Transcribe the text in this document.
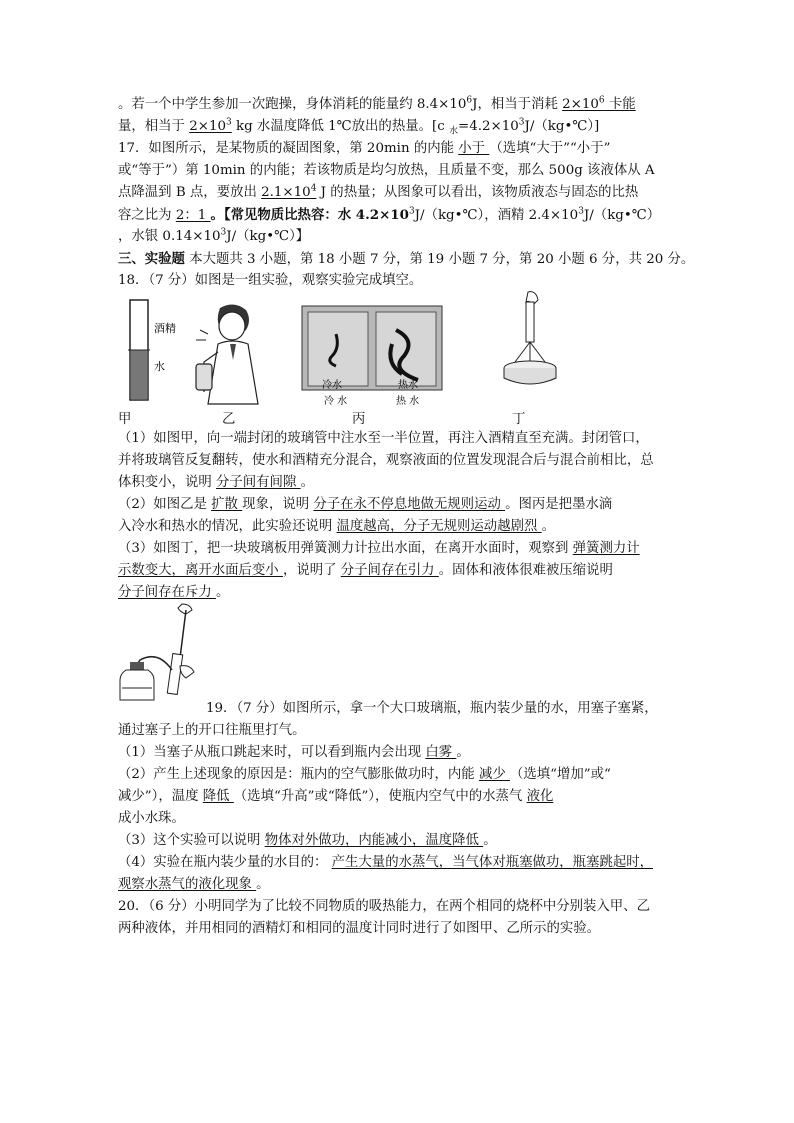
。若一个中学生参加一次跑操，身体消耗的能量约 $8.4\times 10^6J$，相当于消耗 $2\times 10^6$ 卡能
量，相当于 $2\times 10^3$ kg 水温度降低 1℃放出的热量。[c $_水=4.2\times 10^3J/(kg•℃)$]
17．如图所示，是某物质的凝固图象，第 20min 的内能 小于 （选填“大于”“小于”
或“等于”）第 10min 的内能；若该物质是均匀放热，且质量不变，那么 500g 该液体从 A
点降温到 B 点，要放出 $2.1\times 10^4$ J 的热量；从图象可以看出，该物质液态与固态的比热
容之比为 2：1 。【常见物质比热容：水 $4.2\times 10^3J/(kg•℃)$，酒精 $2.4\times 10^3J/(kg•℃)$
，水银 $0.14\times 10^3J/(kg•℃)$】
三、实验题 本大题共 3 小题，第 18 小题 7 分，第 19 小题 7 分，第 20 小题 6 分，共 20 分。
18．（7 分）如图是一组实验，观察实验完成填空。
酒精
水
冷水	热水
冷 水	热 水
甲	乙	丙	丁
（1）如图甲，向一端封闭的玻璃管中注水至一半位置，再注入酒精直至充满。封闭管口，
并将玻璃管反复翻转，使水和酒精充分混合，观察液面的位置发现混合后与混合前相比，总
体积变小，说明 分子间有间隙 。
（2）如图乙是 扩散 现象，说明 分子在永不停息地做无规则运动 。图丙是把墨水滴
入冷水和热水的情况，此实验还说明 温度越高，分子无规则运动越剧烈 。
（3）如图丁，把一块玻璃板用弹簧测力计拉出水面，在离开水面时，观察到 弹簧测力计
示数变大，离开水面后变小 ，说明了 分子间存在引力 。固体和液体很难被压缩说明
分子间存在斥力 。
19．（7 分）如图所示，拿一个大口玻璃瓶，瓶内装少量的水，用塞子塞紧，
通过塞子上的开口往瓶里打气。
（1）当塞子从瓶口跳起来时，可以看到瓶内会出现 白雾 。
（2）产生上述现象的原因是：瓶内的空气膨胀做功时，内能 减少 （选填“增加”或“
减少”），温度 降低 （选填“升高”或“降低”），使瓶内空气中的水蒸气 液化
成小水珠。
（3）这个实验可以说明 物体对外做功，内能减小，温度降低 。
（4）实验在瓶内装少量的水目的： 产生大量的水蒸气，当气体对瓶塞做功，瓶塞跳起时，
观察水蒸气的液化现象 。
20．（6 分）小明同学为了比较不同物质的吸热能力，在两个相同的烧杯中分别装入甲、乙
两种液体，并用相同的酒精灯和相同的温度计同时进行了如图甲、乙所示的实验。
